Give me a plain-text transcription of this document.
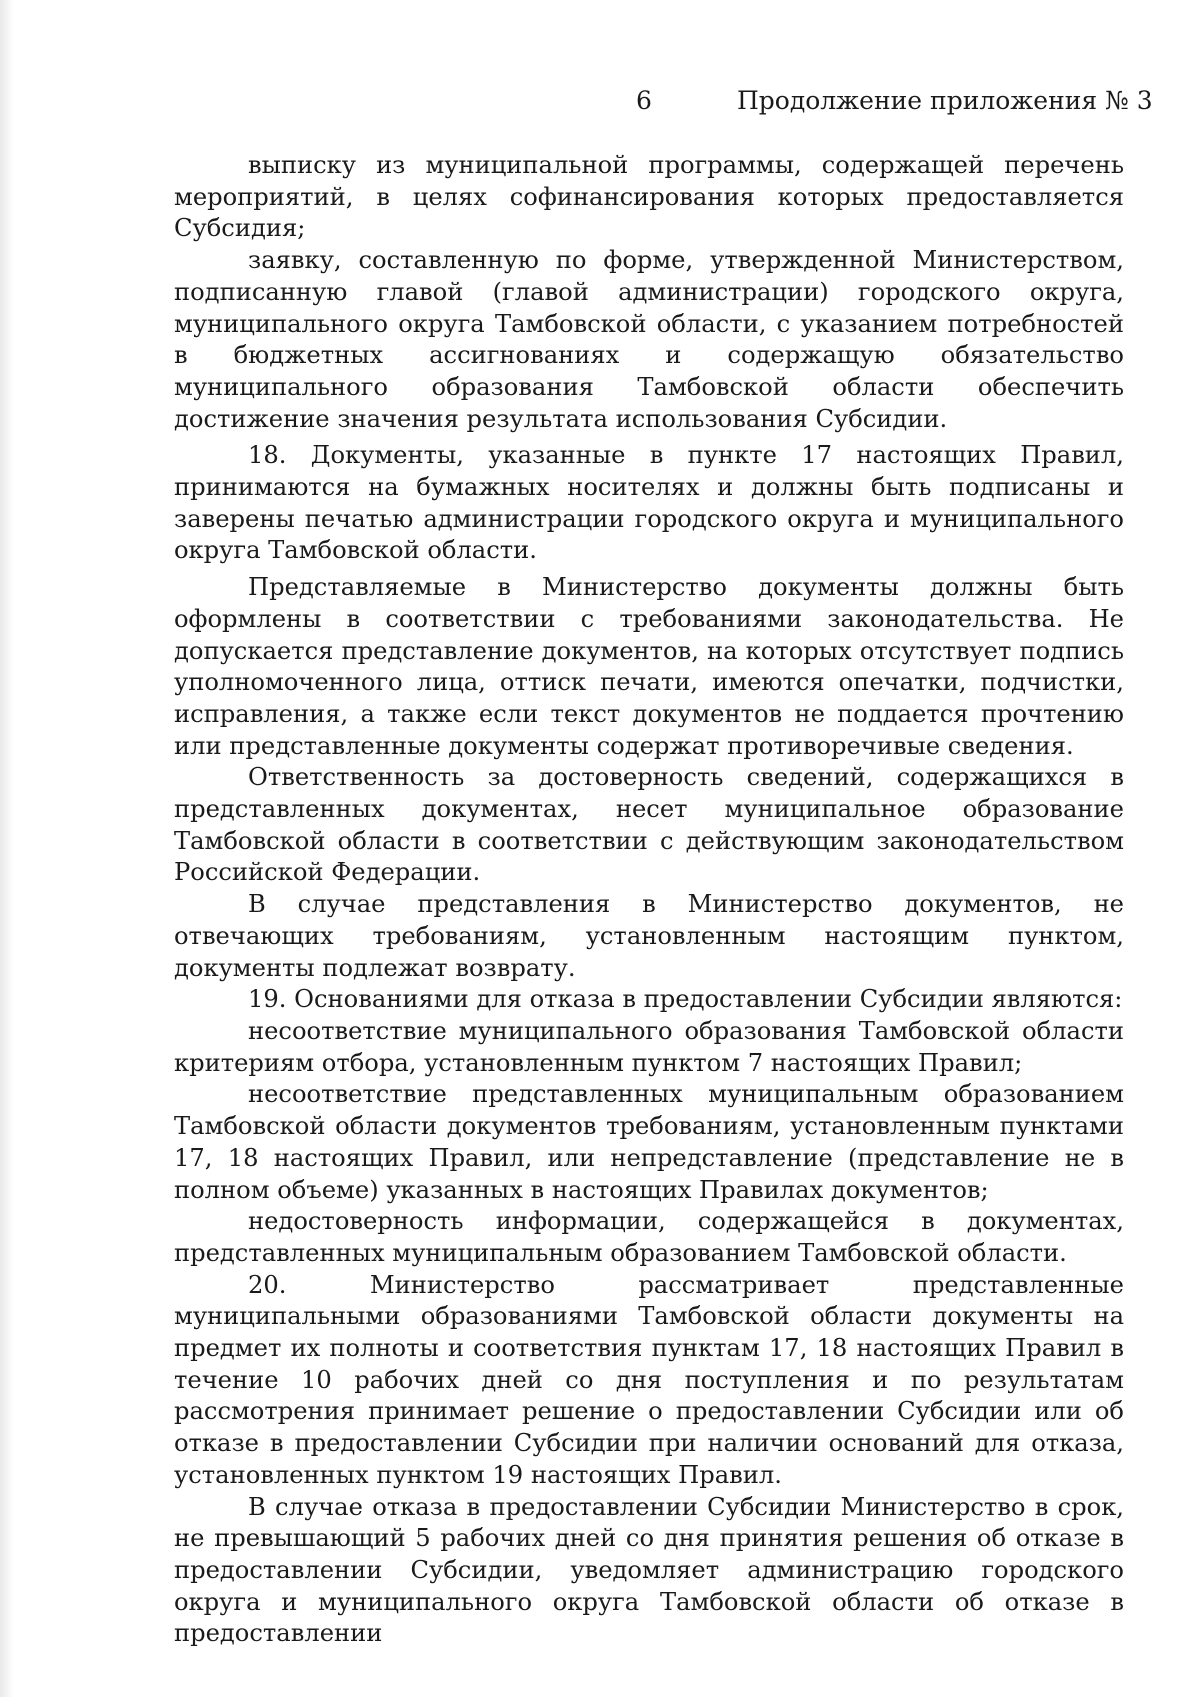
6	Продолжение приложения № 3

выписку из муниципальной программы, содержащей перечень мероприятий, в целях софинансирования которых предоставляется Субсидия;

заявку, составленную по форме, утвержденной Министерством, подписанную главой (главой администрации) городского округа, муниципального округа Тамбовской области, с указанием потребностей в бюджетных ассигнованиях и содержащую обязательство муниципального образования Тамбовской области обеспечить достижение значения результата использования Субсидии.

18. Документы, указанные в пункте 17 настоящих Правил, принимаются на бумажных носителях и должны быть подписаны и заверены печатью администрации городского округа и муниципального округа Тамбовской области.

Представляемые в Министерство документы должны быть оформлены в соответствии с требованиями законодательства. Не допускается представление документов, на которых отсутствует подпись уполномоченного лица, оттиск печати, имеются опечатки, подчистки, исправления, а также если текст документов не поддается прочтению или представленные документы содержат противоречивые сведения.

Ответственность за достоверность сведений, содержащихся в представленных документах, несет муниципальное образование Тамбовской области в соответствии с действующим законодательством Российской Федерации.

В случае представления в Министерство документов, не отвечающих требованиям, установленным настоящим пунктом, документы подлежат возврату.

19. Основаниями для отказа в предоставлении Субсидии являются:

несоответствие муниципального образования Тамбовской области критериям отбора, установленным пунктом 7 настоящих Правил;

несоответствие представленных муниципальным образованием Тамбовской области документов требованиям, установленным пунктами 17, 18 настоящих Правил, или непредставление (представление не в полном объеме) указанных в настоящих Правилах документов;

недостоверность информации, содержащейся в документах, представленных муниципальным образованием Тамбовской области.

20. Министерство рассматривает представленные муниципальными образованиями Тамбовской области документы на предмет их полноты и соответствия пунктам 17, 18 настоящих Правил в течение 10 рабочих дней со дня поступления и по результатам рассмотрения принимает решение о предоставлении Субсидии или об отказе в предоставлении Субсидии при наличии оснований для отказа, установленных пунктом 19 настоящих Правил.

В случае отказа в предоставлении Субсидии Министерство в срок, не превышающий 5 рабочих дней со дня принятия решения об отказе в предоставлении Субсидии, уведомляет администрацию городского округа и муниципального округа Тамбовской области об отказе в предоставлении
